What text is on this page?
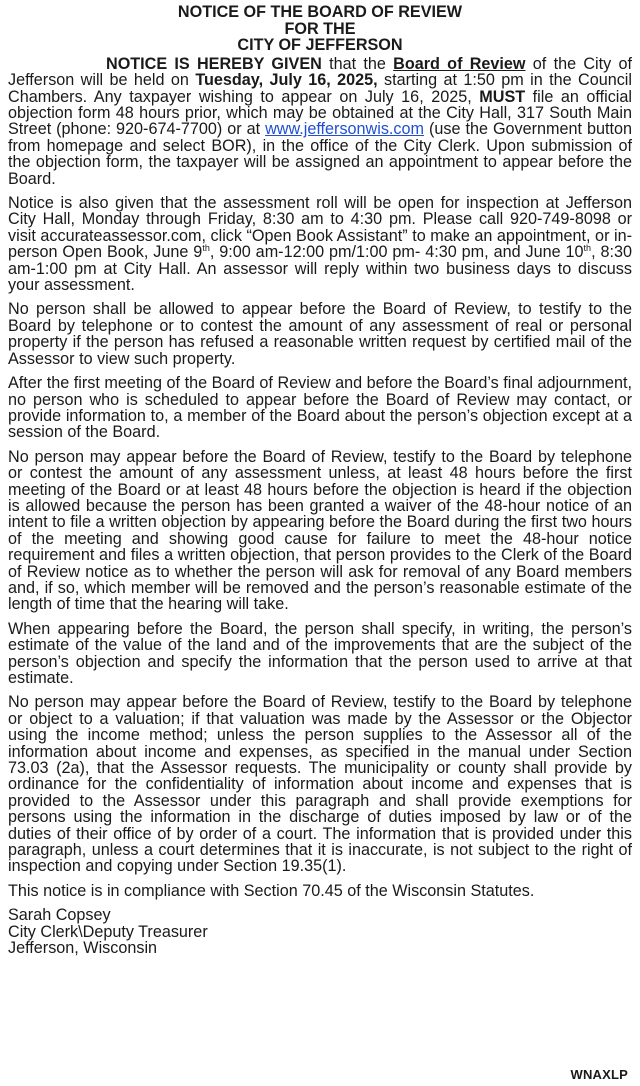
NOTICE OF THE BOARD OF REVIEW
FOR THE
CITY OF JEFFERSON

NOTICE IS HEREBY GIVEN that the Board of Review of the City of Jefferson will be held on Tuesday, July 16, 2025, starting at 1:50 pm in the Council Chambers. Any taxpayer wishing to appear on July 16, 2025, MUST file an official objection form 48 hours prior, which may be obtained at the City Hall, 317 South Main Street (phone: 920-674-7700) or at www.jeffersonwis.com (use the Government button from homepage and select BOR), in the office of the City Clerk. Upon submission of the objection form, the taxpayer will be assigned an appointment to appear before the Board.

Notice is also given that the assessment roll will be open for inspection at Jefferson City Hall, Monday through Friday, 8:30 am to 4:30 pm. Please call 920-749-8098 or visit accurateassessor.com, click “Open Book Assistant” to make an appointment, or in-person Open Book, June 9th, 9:00 am-12:00 pm/1:00 pm- 4:30 pm, and June 10th, 8:30 am-1:00 pm at City Hall. An assessor will reply within two business days to discuss your assessment.

No person shall be allowed to appear before the Board of Review, to testify to the Board by telephone or to contest the amount of any assessment of real or personal property if the person has refused a reasonable written request by certified mail of the Assessor to view such property.

After the first meeting of the Board of Review and before the Board’s final adjournment, no person who is scheduled to appear before the Board of Review may contact, or provide information to, a member of the Board about the person’s objection except at a session of the Board.

No person may appear before the Board of Review, testify to the Board by telephone or contest the amount of any assessment unless, at least 48 hours before the first meeting of the Board or at least 48 hours before the objection is heard if the objection is allowed because the person has been granted a waiver of the 48-hour notice of an intent to file a written objection by appearing before the Board during the first two hours of the meeting and showing good cause for failure to meet the 48-hour notice requirement and files a written objection, that person provides to the Clerk of the Board of Review notice as to whether the person will ask for removal of any Board members and, if so, which member will be removed and the person’s reasonable estimate of the length of time that the hearing will take.

When appearing before the Board, the person shall specify, in writing, the person’s estimate of the value of the land and of the improvements that are the subject of the person’s objection and specify the information that the person used to arrive at that estimate.

No person may appear before the Board of Review, testify to the Board by telephone or object to a valuation; if that valuation was made by the Assessor or the Objector using the income method; unless the person supplies to the Assessor all of the information about income and expenses, as specified in the manual under Section 73.03 (2a), that the Assessor requests. The municipality or county shall provide by ordinance for the confidentiality of information about income and expenses that is provided to the Assessor under this paragraph and shall provide exemptions for persons using the information in the discharge of duties imposed by law or of the duties of their office of by order of a court. The information that is provided under this paragraph, unless a court determines that it is inaccurate, is not subject to the right of inspection and copying under Section 19.35(1).

This notice is in compliance with Section 70.45 of the Wisconsin Statutes.

Sarah Copsey
City Clerk\Deputy Treasurer
Jefferson, Wisconsin
WNAXLP
